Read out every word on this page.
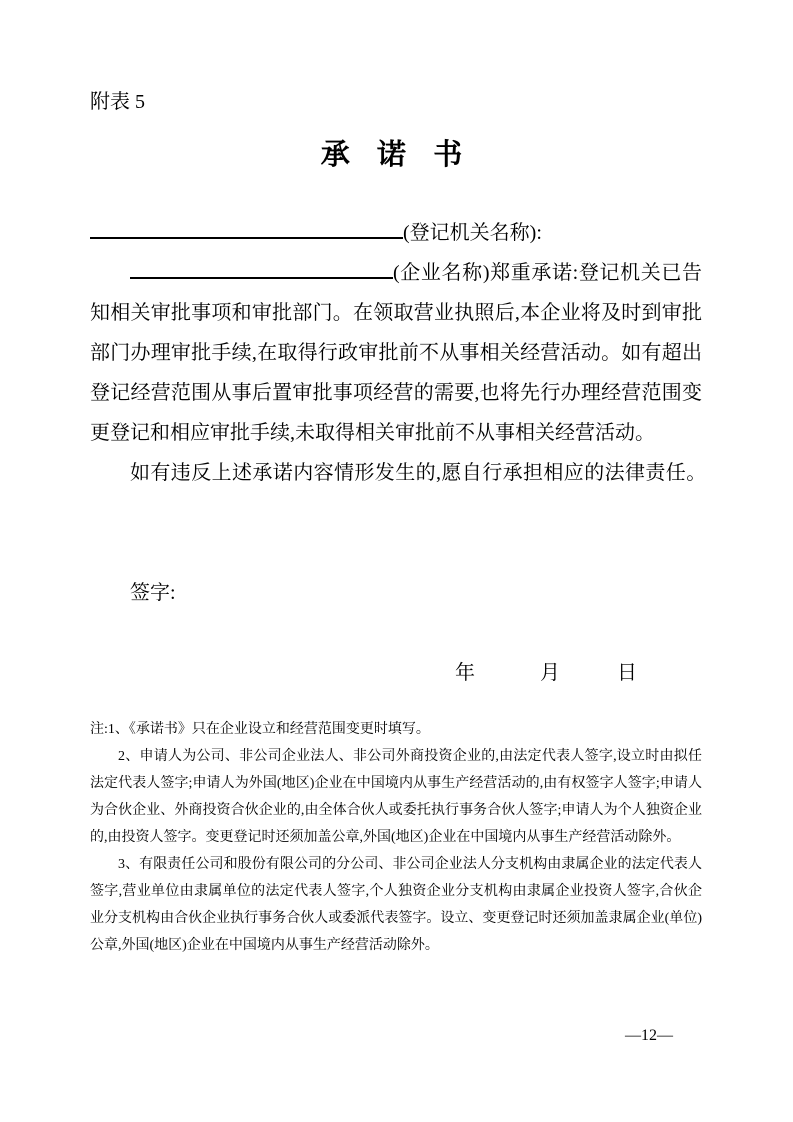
附表 5
承 诺 书

(登记机关名称):

(企业名称)郑重承诺:登记机关已告知相关审批事项和审批部门。在领取营业执照后,本企业将及时到审批部门办理审批手续,在取得行政审批前不从事相关经营活动。如有超出登记经营范围从事后置审批事项经营的需要,也将先行办理经营范围变更登记和相应审批手续,未取得相关审批前不从事相关经营活动。

如有违反上述承诺内容情形发生的,愿自行承担相应的法律责任。

签字:
年	月	日

注:1、《承诺书》只在企业设立和经营范围变更时填写。

2、申请人为公司、非公司企业法人、非公司外商投资企业的,由法定代表人签字,设立时由拟任法定代表人签字;申请人为外国(地区)企业在中国境内从事生产经营活动的,由有权签字人签字;申请人为合伙企业、外商投资合伙企业的,由全体合伙人或委托执行事务合伙人签字;申请人为个人独资企业的,由投资人签字。变更登记时还须加盖公章,外国(地区)企业在中国境内从事生产经营活动除外。

3、有限责任公司和股份有限公司的分公司、非公司企业法人分支机构由隶属企业的法定代表人签字,营业单位由隶属单位的法定代表人签字,个人独资企业分支机构由隶属企业投资人签字,合伙企业分支机构由合伙企业执行事务合伙人或委派代表签字。设立、变更登记时还须加盖隶属企业(单位)公章,外国(地区)企业在中国境内从事生产经营活动除外。

—12—
